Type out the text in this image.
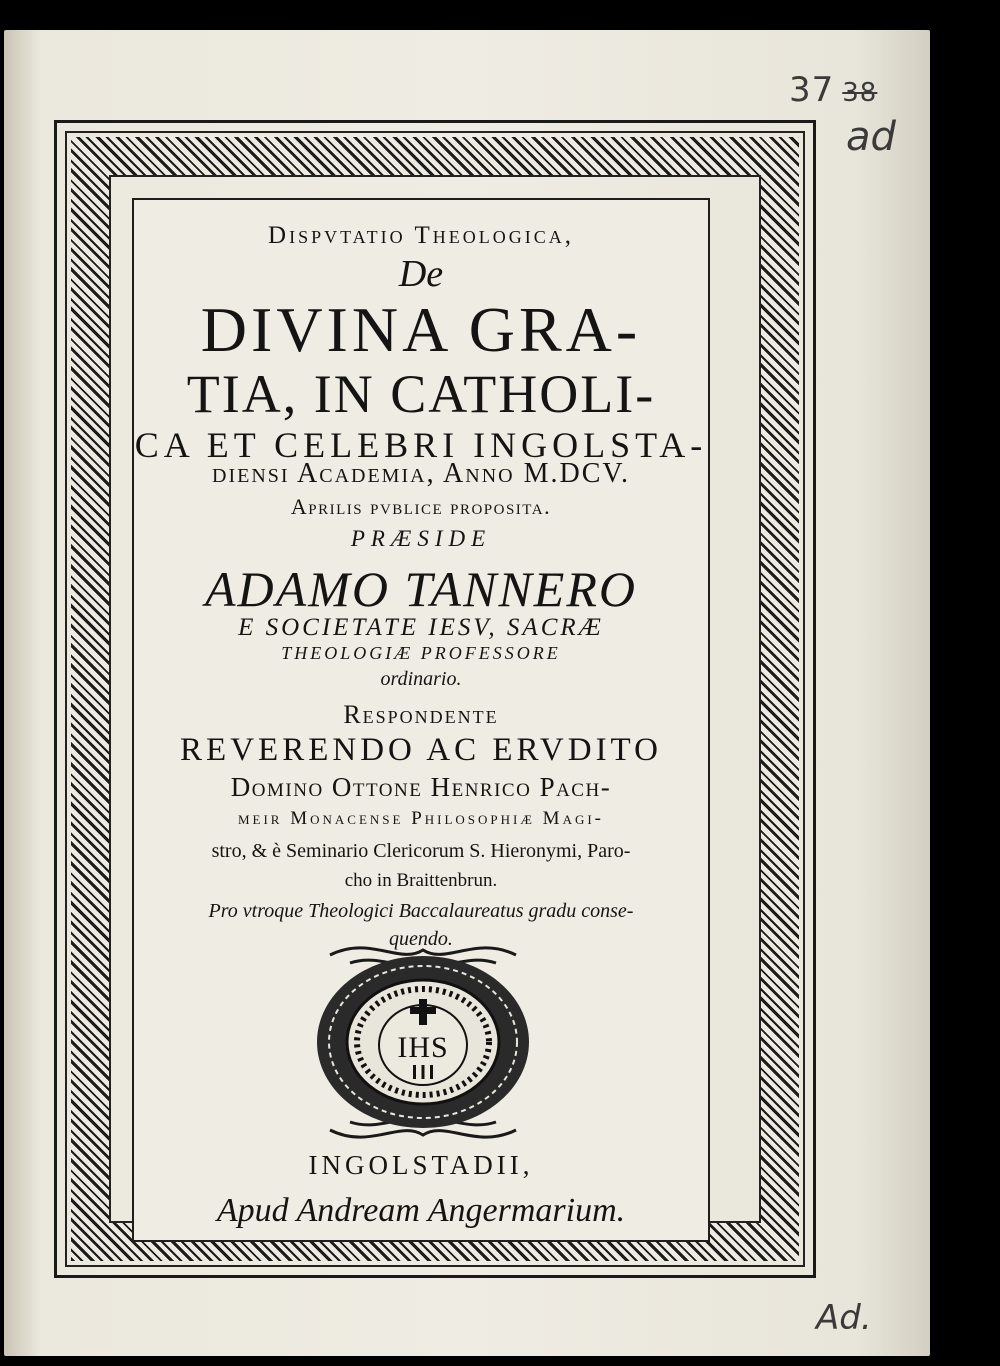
37 38
ad
Ad.
Dispvtatio Theologica,
De
DIVINA GRA-
TIA, IN CATHOLI-
CA ET CELEBRI INGOLSTA-
diensi Academia, Anno M.DCV.
Aprilis pvblice proposita.
PRÆSIDE
ADAMO TANNERO
E SOCIETATE IESV, SACRÆ
THEOLOGIÆ PROFESSORE
ordinario.
Respondente
REVERENDO AC ERVDITO
Domino Ottone Henrico Pach-
meir Monacense Philosophiæ Magi-
stro, & è Seminario Clericorum S. Hieronymi, Paro-
cho in Braittenbrun.
Pro vtroque Theologici Baccalaureatus gradu conse-
quendo.
IHS
INGOLSTADII,
Apud Andream Angermarium.
